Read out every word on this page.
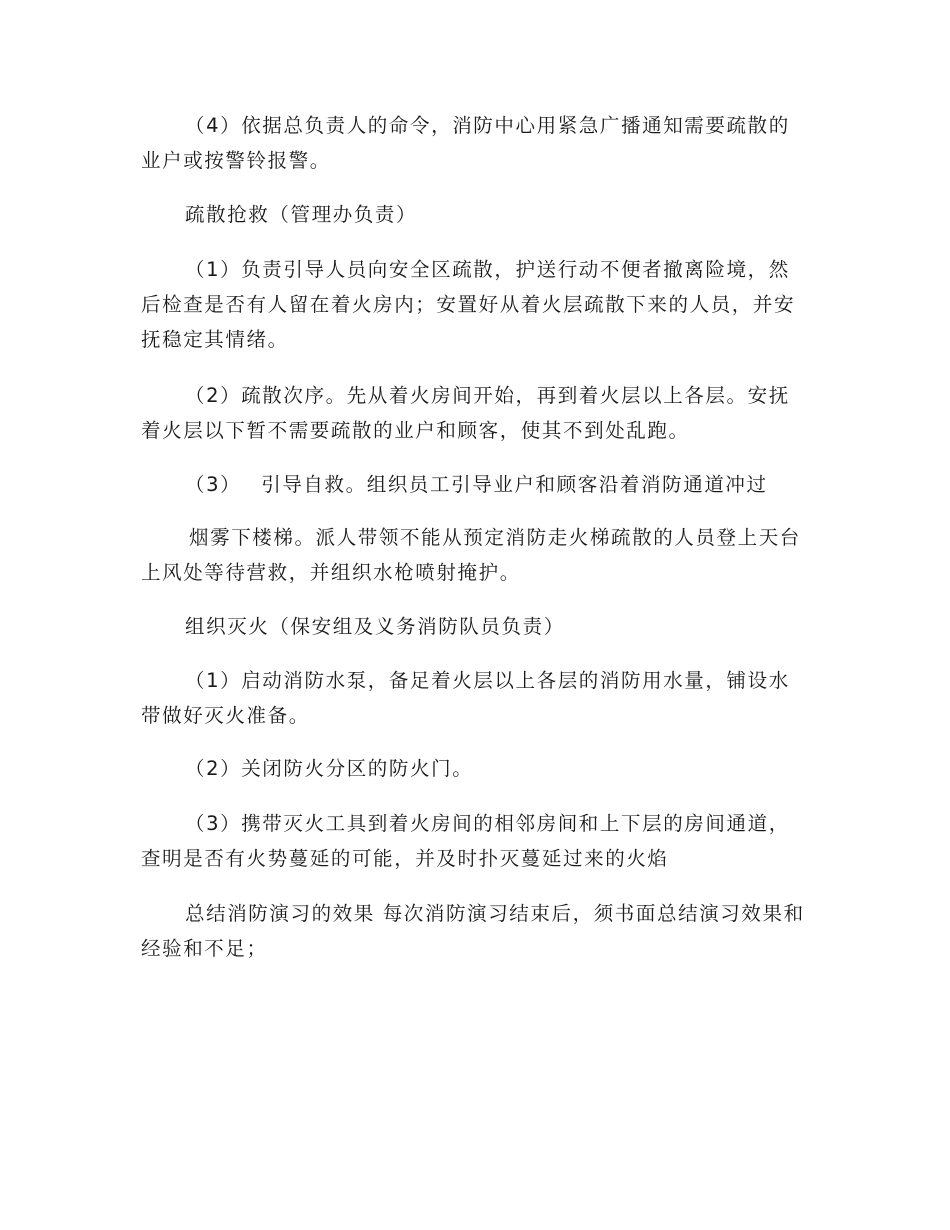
（4）依据总负责人的命令，消防中心用紧急广播通知需要疏散的业户或按警铃报警。

疏散抢救（管理办负责）

（1）负责引导人员向安全区疏散，护送行动不便者撤离险境，然后检查是否有人留在着火房内；安置好从着火层疏散下来的人员，并安抚稳定其情绪。

（2）疏散次序。先从着火房间开始，再到着火层以上各层。安抚着火层以下暂不需要疏散的业户和顾客，使其不到处乱跑。

（3） 引导自救。组织员工引导业户和顾客沿着消防通道冲过

烟雾下楼梯。派人带领不能从预定消防走火梯疏散的人员登上天台上风处等待营救，并组织水枪喷射掩护。

组织灭火（保安组及义务消防队员负责）

（1）启动消防水泵，备足着火层以上各层的消防用水量，铺设水带做好灭火准备。

（2）关闭防火分区的防火门。

（3）携带灭火工具到着火房间的相邻房间和上下层的房间通道，查明是否有火势蔓延的可能，并及时扑灭蔓延过来的火焰

总结消防演习的效果 每次消防演习结束后，须书面总结演习效果和经验和不足；
